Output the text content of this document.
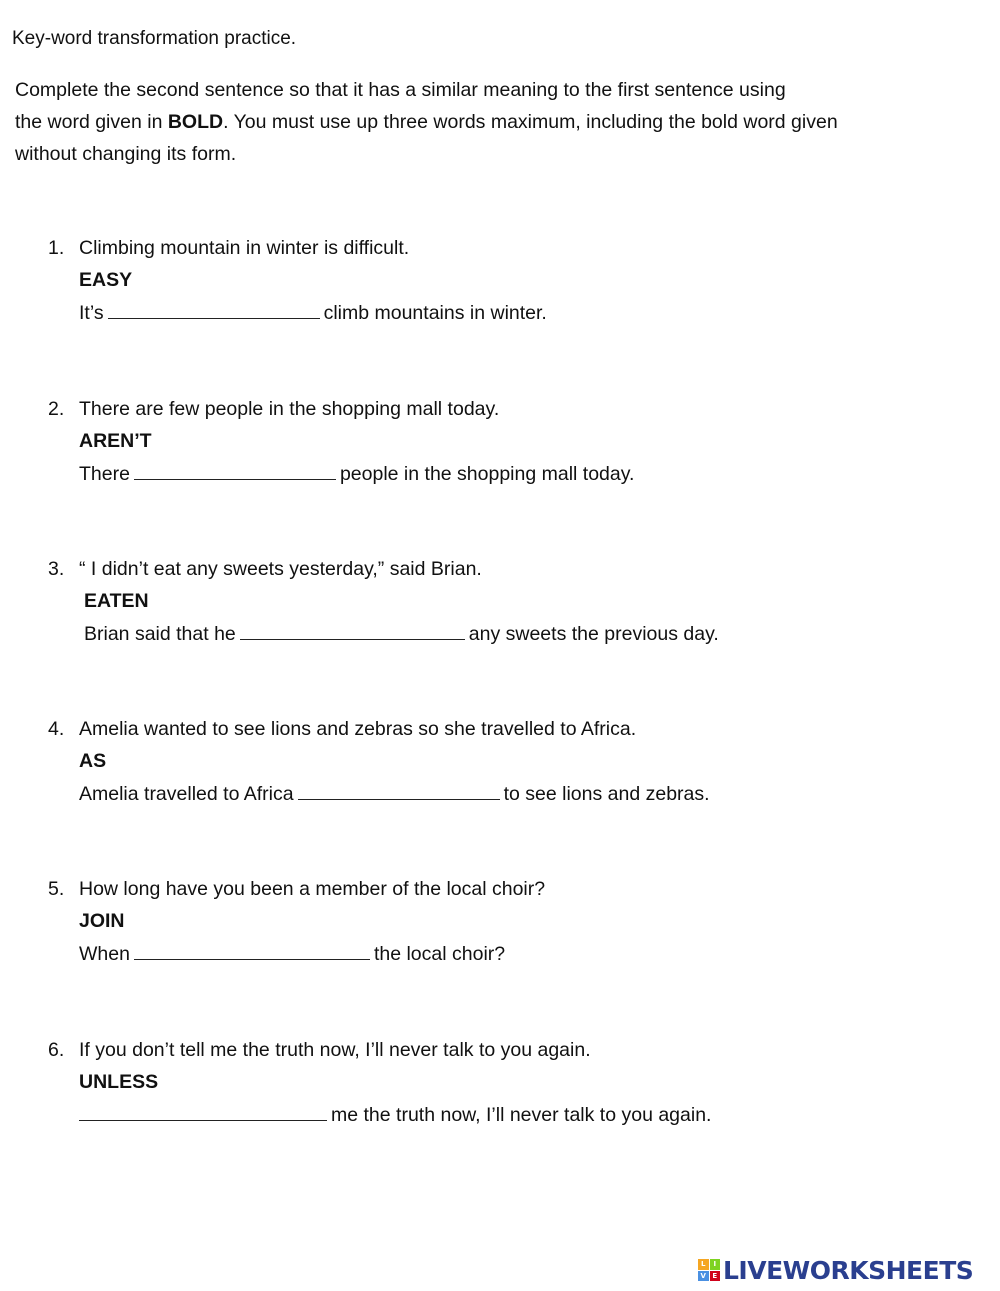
Key-word transformation practice.
Complete the second sentence so that it has a similar meaning to the first sentence using
the word given in BOLD. You must use up three words maximum, including the bold word given
without changing its form.
1. Climbing mountain in winter is difficult.
EASY
It’s	climb mountains in winter.
2. There are few people in the shopping mall today.
AREN’T
There	people in the shopping mall today.
3. “ I didn’t eat any sweets yesterday,” said Brian.
EATEN
Brian said that he	any sweets the previous day.
4. Amelia wanted to see lions and zebras so she travelled to Africa.
AS
Amelia travelled to Africa	to see lions and zebras.
5. How long have you been a member of the local choir?
JOIN
When	the local choir?
6. If you don’t tell me the truth now, I’ll never talk to you again.
UNLESS
me the truth now, I’ll never talk to you again.
L	I
V E LIVEWORKSHEETS
